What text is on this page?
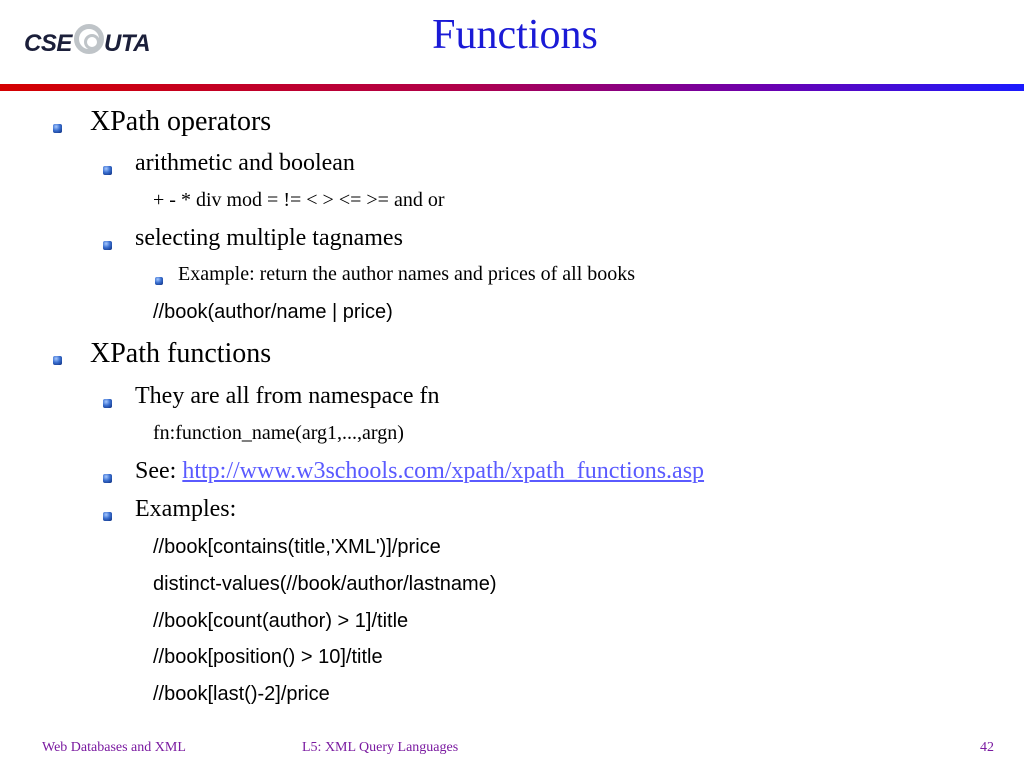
CSE UTA	Functions
XPath operators
arithmetic and boolean
+ - * div mod = != < > <= >= and or
selecting multiple tagnames
Example: return the author names and prices of all books
//book(author/name | price)
XPath functions
They are all from namespace fn
fn:function_name(arg1,...,argn)
See: http://www.w3schools.com/xpath/xpath_functions.asp
Examples:
//book[contains(title,'XML')]/price
distinct-values(//book/author/lastname)
//book[count(author) > 1]/title
//book[position() > 10]/title
//book[last()-2]/price
Web Databases and XML	L5: XML Query Languages	42
